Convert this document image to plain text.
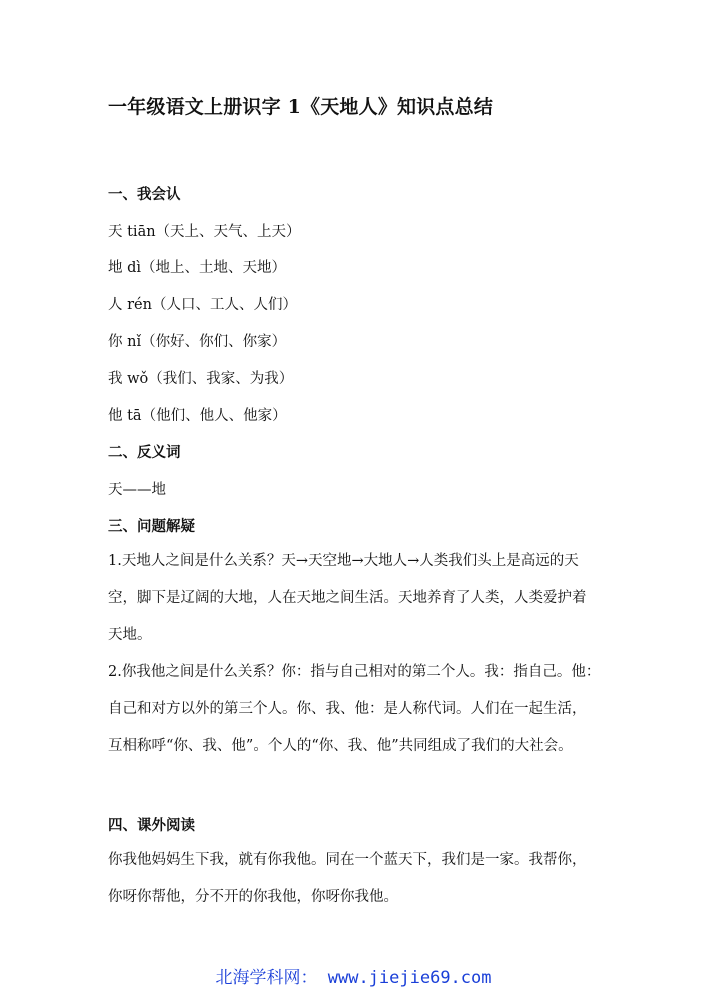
一年级语文上册识字 1《天地人》知识点总结
一、我会认
天 tiān（天上、天气、上天）
地 dì（地上、土地、天地）
人 rén（人口、工人、人们）
你 nǐ（你好、你们、你家）
我 wǒ（我们、我家、为我）
他 tā（他们、他人、他家）
二、反义词
天——地
三、问题解疑
1.天地人之间是什么关系？天→天空地→大地人→人类我们头上是高远的天
空，脚下是辽阔的大地，人在天地之间生活。天地养育了人类，人类爱护着
天地。
2.你我他之间是什么关系？你：指与自己相对的第二个人。我：指自己。他：
自己和对方以外的第三个人。你、我、他：是人称代词。人们在一起生活，
互相称呼“你、我、他”。个人的“你、我、他”共同组成了我们的大社会。
四、课外阅读
你我他妈妈生下我，就有你我他。同在一个蓝天下，我们是一家。我帮你，
你呀你帮他，分不开的你我他，你呀你我他。
北海学科网： www.jiejie69.com
